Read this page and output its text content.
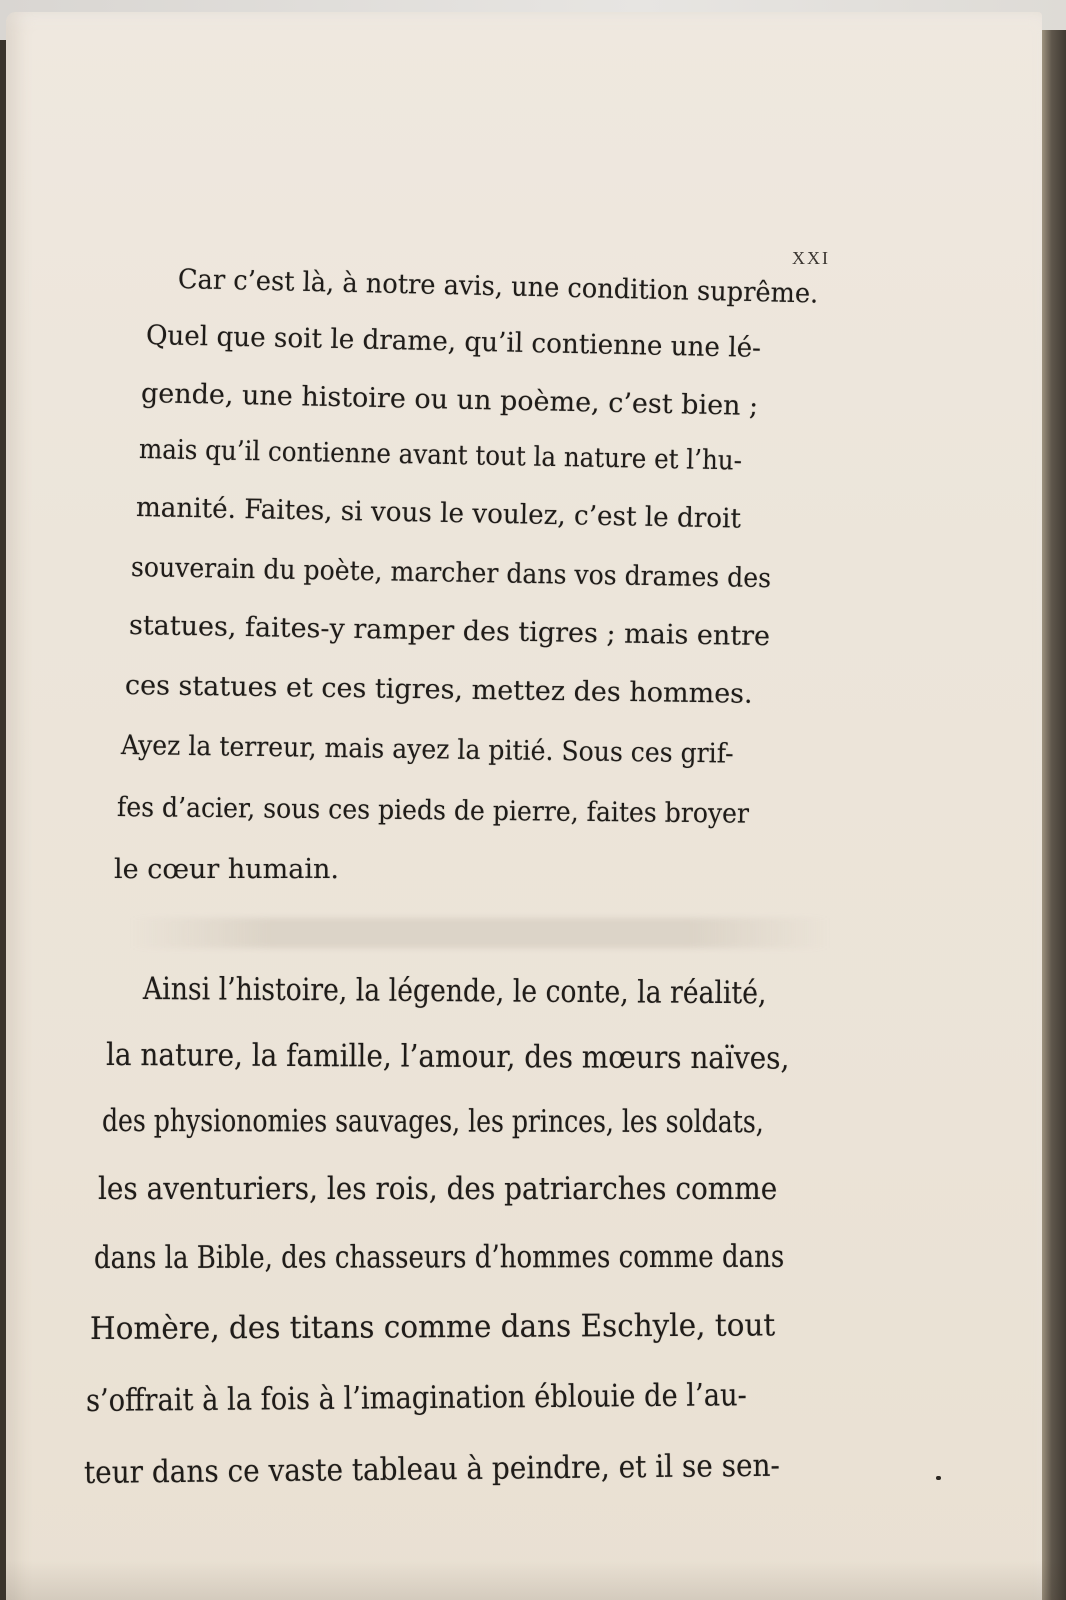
XXI
Car c’est là, à notre avis, une condition suprême.
Quel que soit le drame, qu’il contienne une lé-
gende, une histoire ou un poème, c’est bien ;
mais qu’il contienne avant tout la nature et l’hu-
manité. Faites, si vous le voulez, c’est le droit
souverain du poète, marcher dans vos drames des
statues, faites-y ramper des tigres ; mais entre
ces statues et ces tigres, mettez des hommes.
Ayez la terreur, mais ayez la pitié. Sous ces grif-
fes d’acier, sous ces pieds de pierre, faites broyer
le cœur humain.
Ainsi l’histoire, la légende, le conte, la réalité,
la nature, la famille, l’amour, des mœurs naïves,
des physionomies sauvages, les princes, les soldats,
les aventuriers, les rois, des patriarches comme
dans la Bible, des chasseurs d’hommes comme dans
Homère, des titans comme dans Eschyle, tout
s’offrait à la fois à l’imagination éblouie de l’au-
teur dans ce vaste tableau à peindre, et il se sen-
